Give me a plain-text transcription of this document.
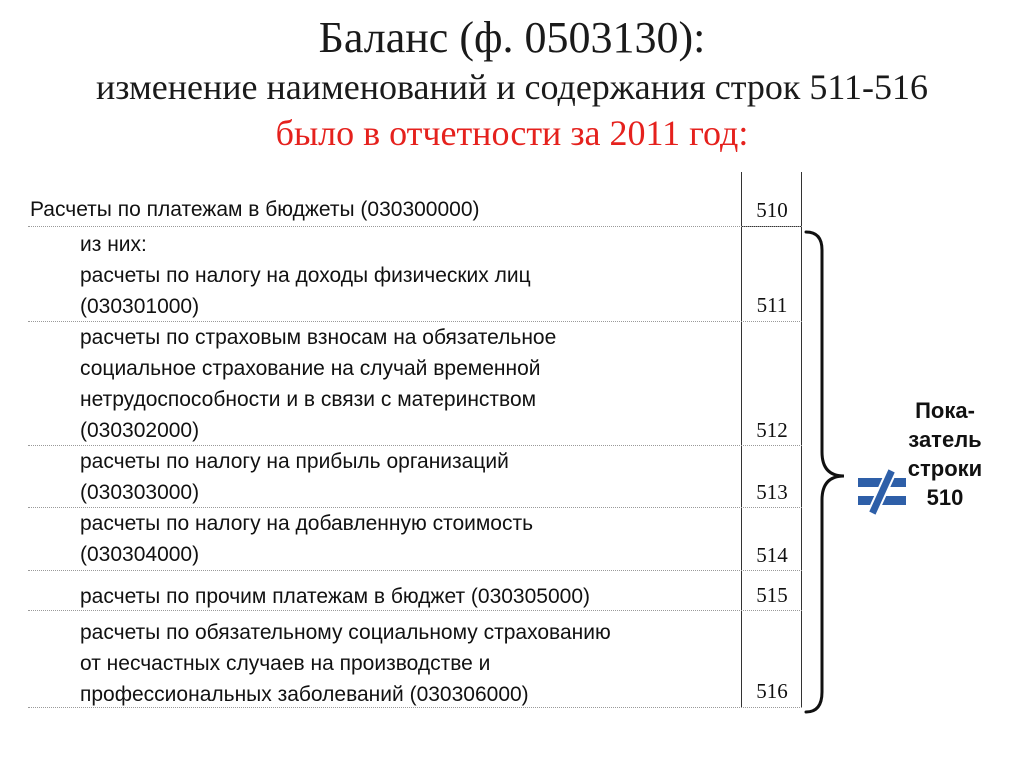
Баланс (ф. 0503130):
изменение наименований и содержания строк 511-516
было в отчетности за 2011 год:
Расчеты по платежам в бюджеты (030300000)	510
из них:
расчеты по налогу на доходы физических лиц
(030301000)	511
расчеты по страховым взносам на обязательное
социальное страхование на случай временной
нетрудоспособности и в связи с материнством
(030302000)	512
расчеты по налогу на прибыль организаций
(030303000)	513
расчеты по налогу на добавленную стоимость
(030304000)	514
расчеты по прочим платежам в бюджет (030305000)	515
расчеты по обязательному социальному страхованию
от несчастных случаев на производстве и
профессиональных заболеваний (030306000)	516
Пока-
затель
строки
510
